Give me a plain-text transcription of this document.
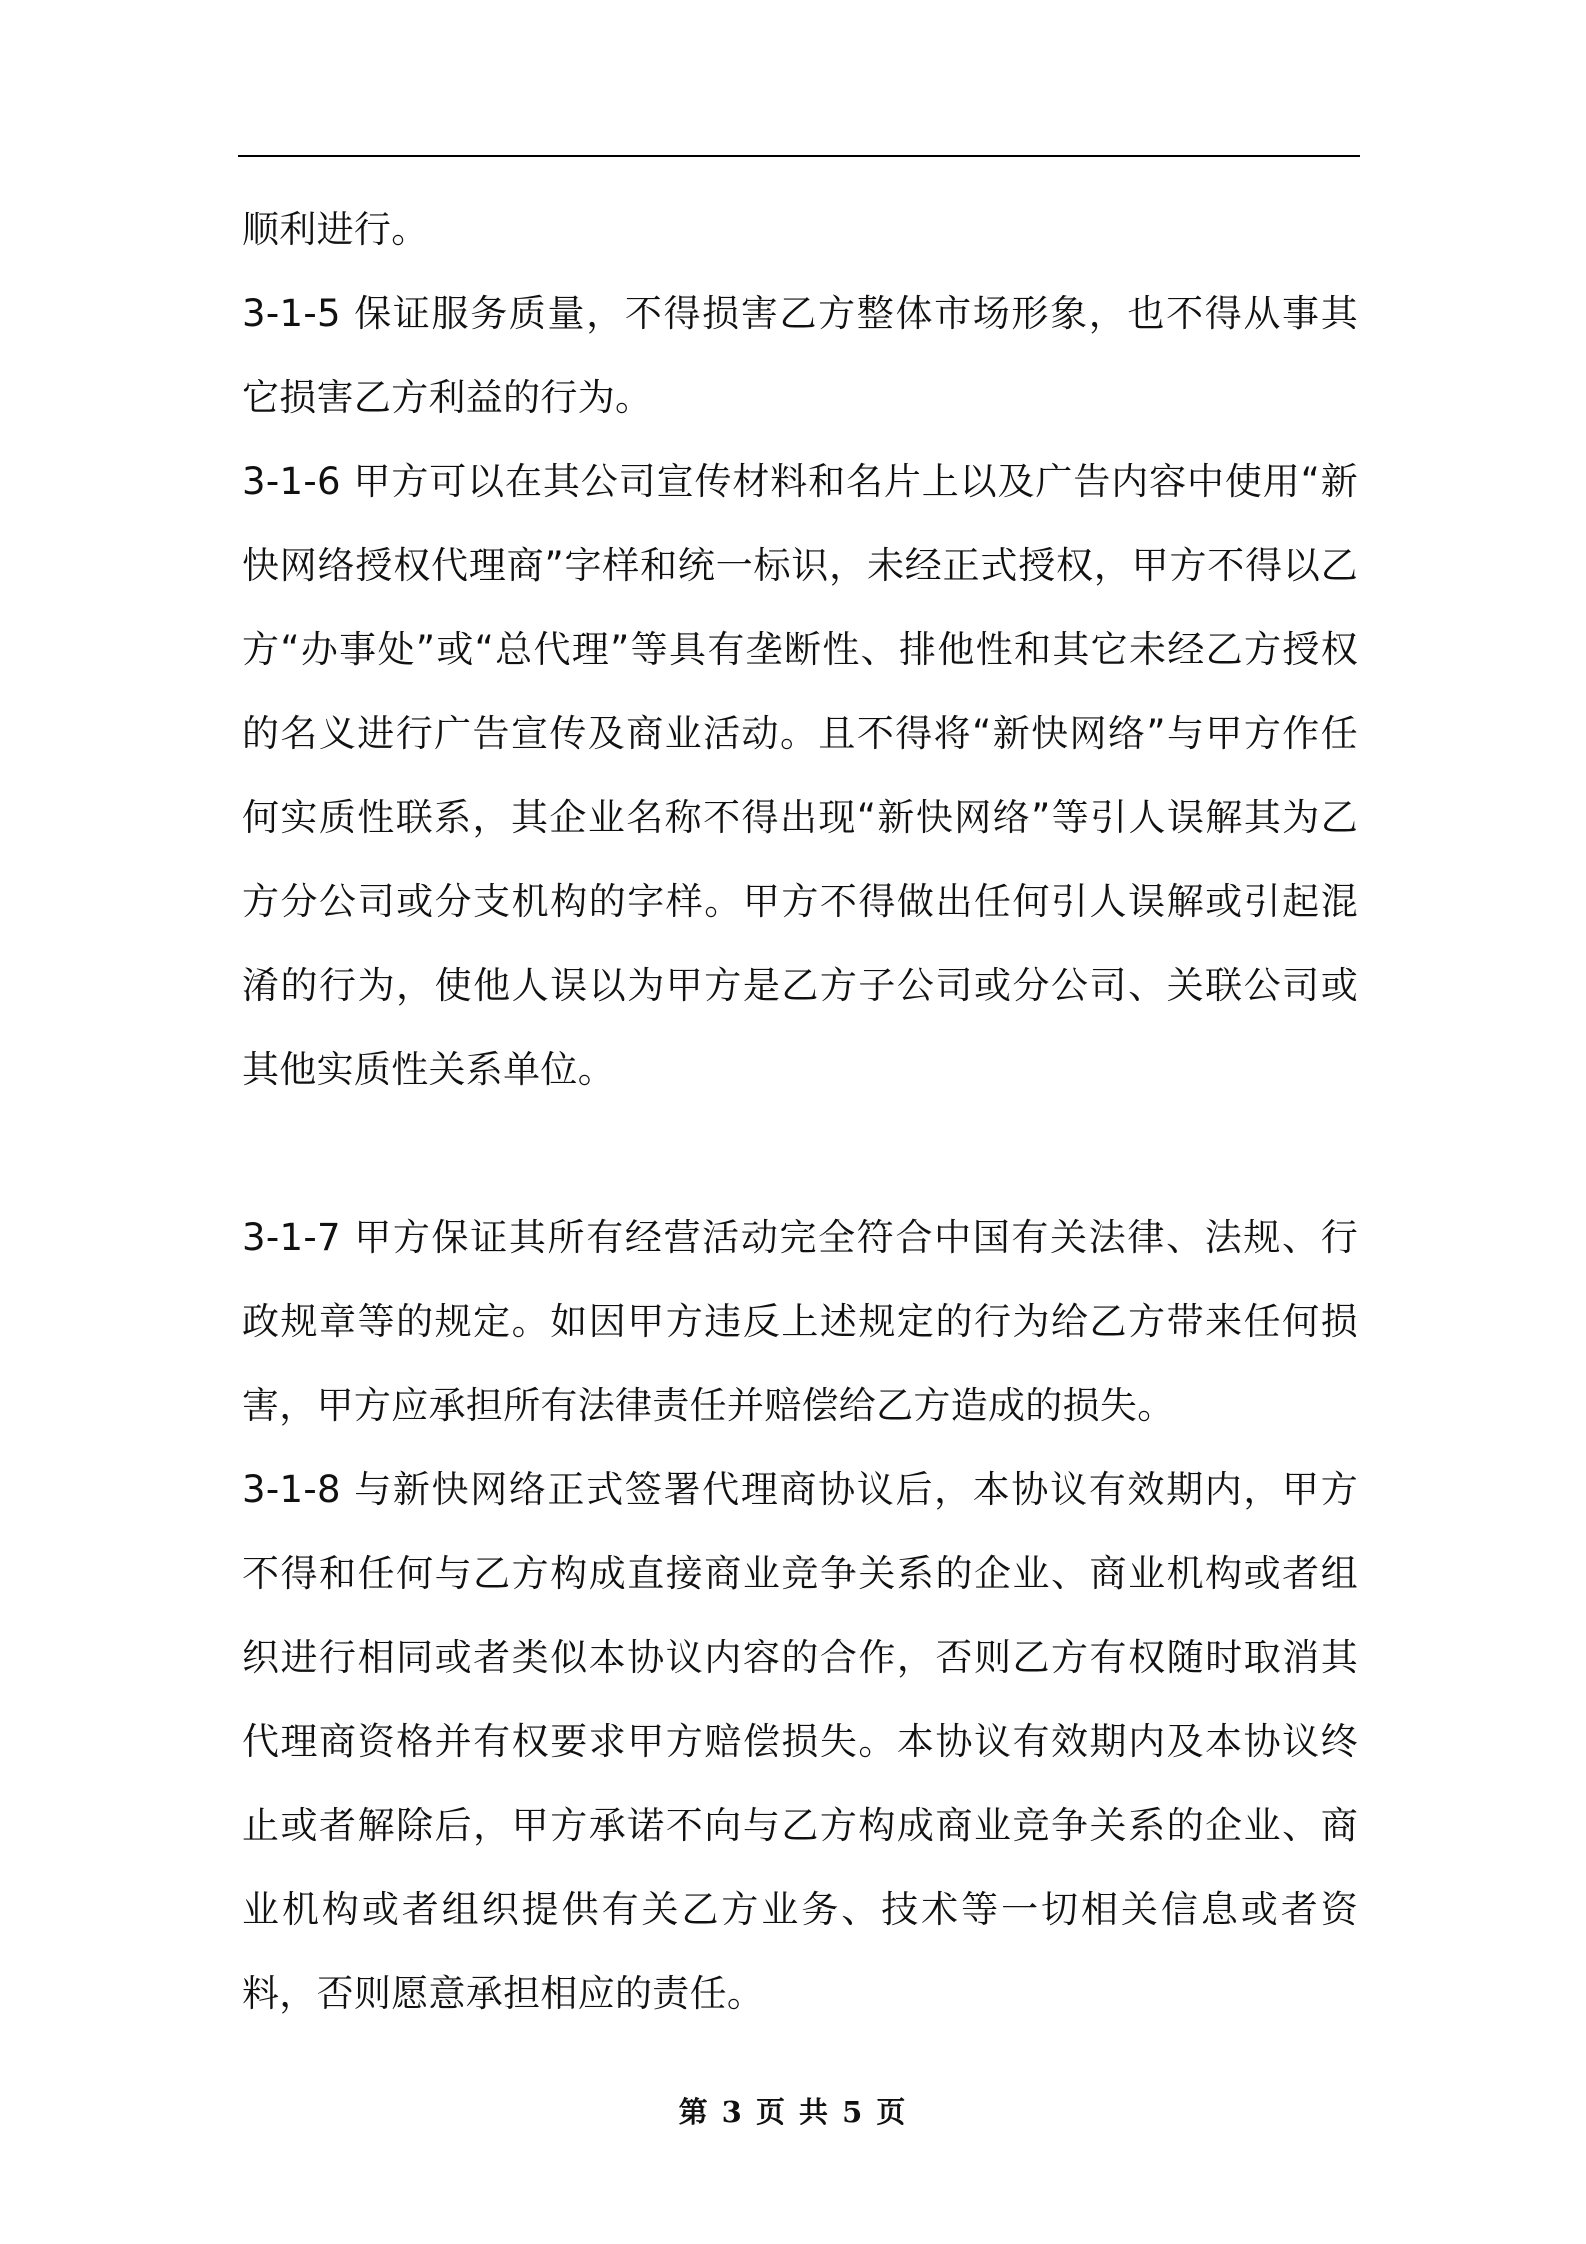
顺利进行。

3-1-5 保证服务质量，不得损害乙方整体市场形象，也不得从事其它损害乙方利益的行为。

3-1-6 甲方可以在其公司宣传材料和名片上以及广告内容中使用“新快网络授权代理商”字样和统一标识，未经正式授权，甲方不得以乙方“办事处”或“总代理”等具有垄断性、排他性和其它未经乙方授权的名义进行广告宣传及商业活动。且不得将“新快网络”与甲方作任何实质性联系，其企业名称不得出现“新快网络”等引人误解其为乙方分公司或分支机构的字样。甲方不得做出任何引人误解或引起混淆的行为，使他人误以为甲方是乙方子公司或分公司、关联公司或其他实质性关系单位。

3-1-7 甲方保证其所有经营活动完全符合中国有关法律、法规、行政规章等的规定。如因甲方违反上述规定的行为给乙方带来任何损害，甲方应承担所有法律责任并赔偿给乙方造成的损失。

3-1-8 与新快网络正式签署代理商协议后，本协议有效期内，甲方不得和任何与乙方构成直接商业竞争关系的企业、商业机构或者组织进行相同或者类似本协议内容的合作，否则乙方有权随时取消其代理商资格并有权要求甲方赔偿损失。本协议有效期内及本协议终止或者解除后，甲方承诺不向与乙方构成商业竞争关系的企业、商业机构或者组织提供有关乙方业务、技术等一切相关信息或者资料，否则愿意承担相应的责任。

第 3 页 共 5 页
